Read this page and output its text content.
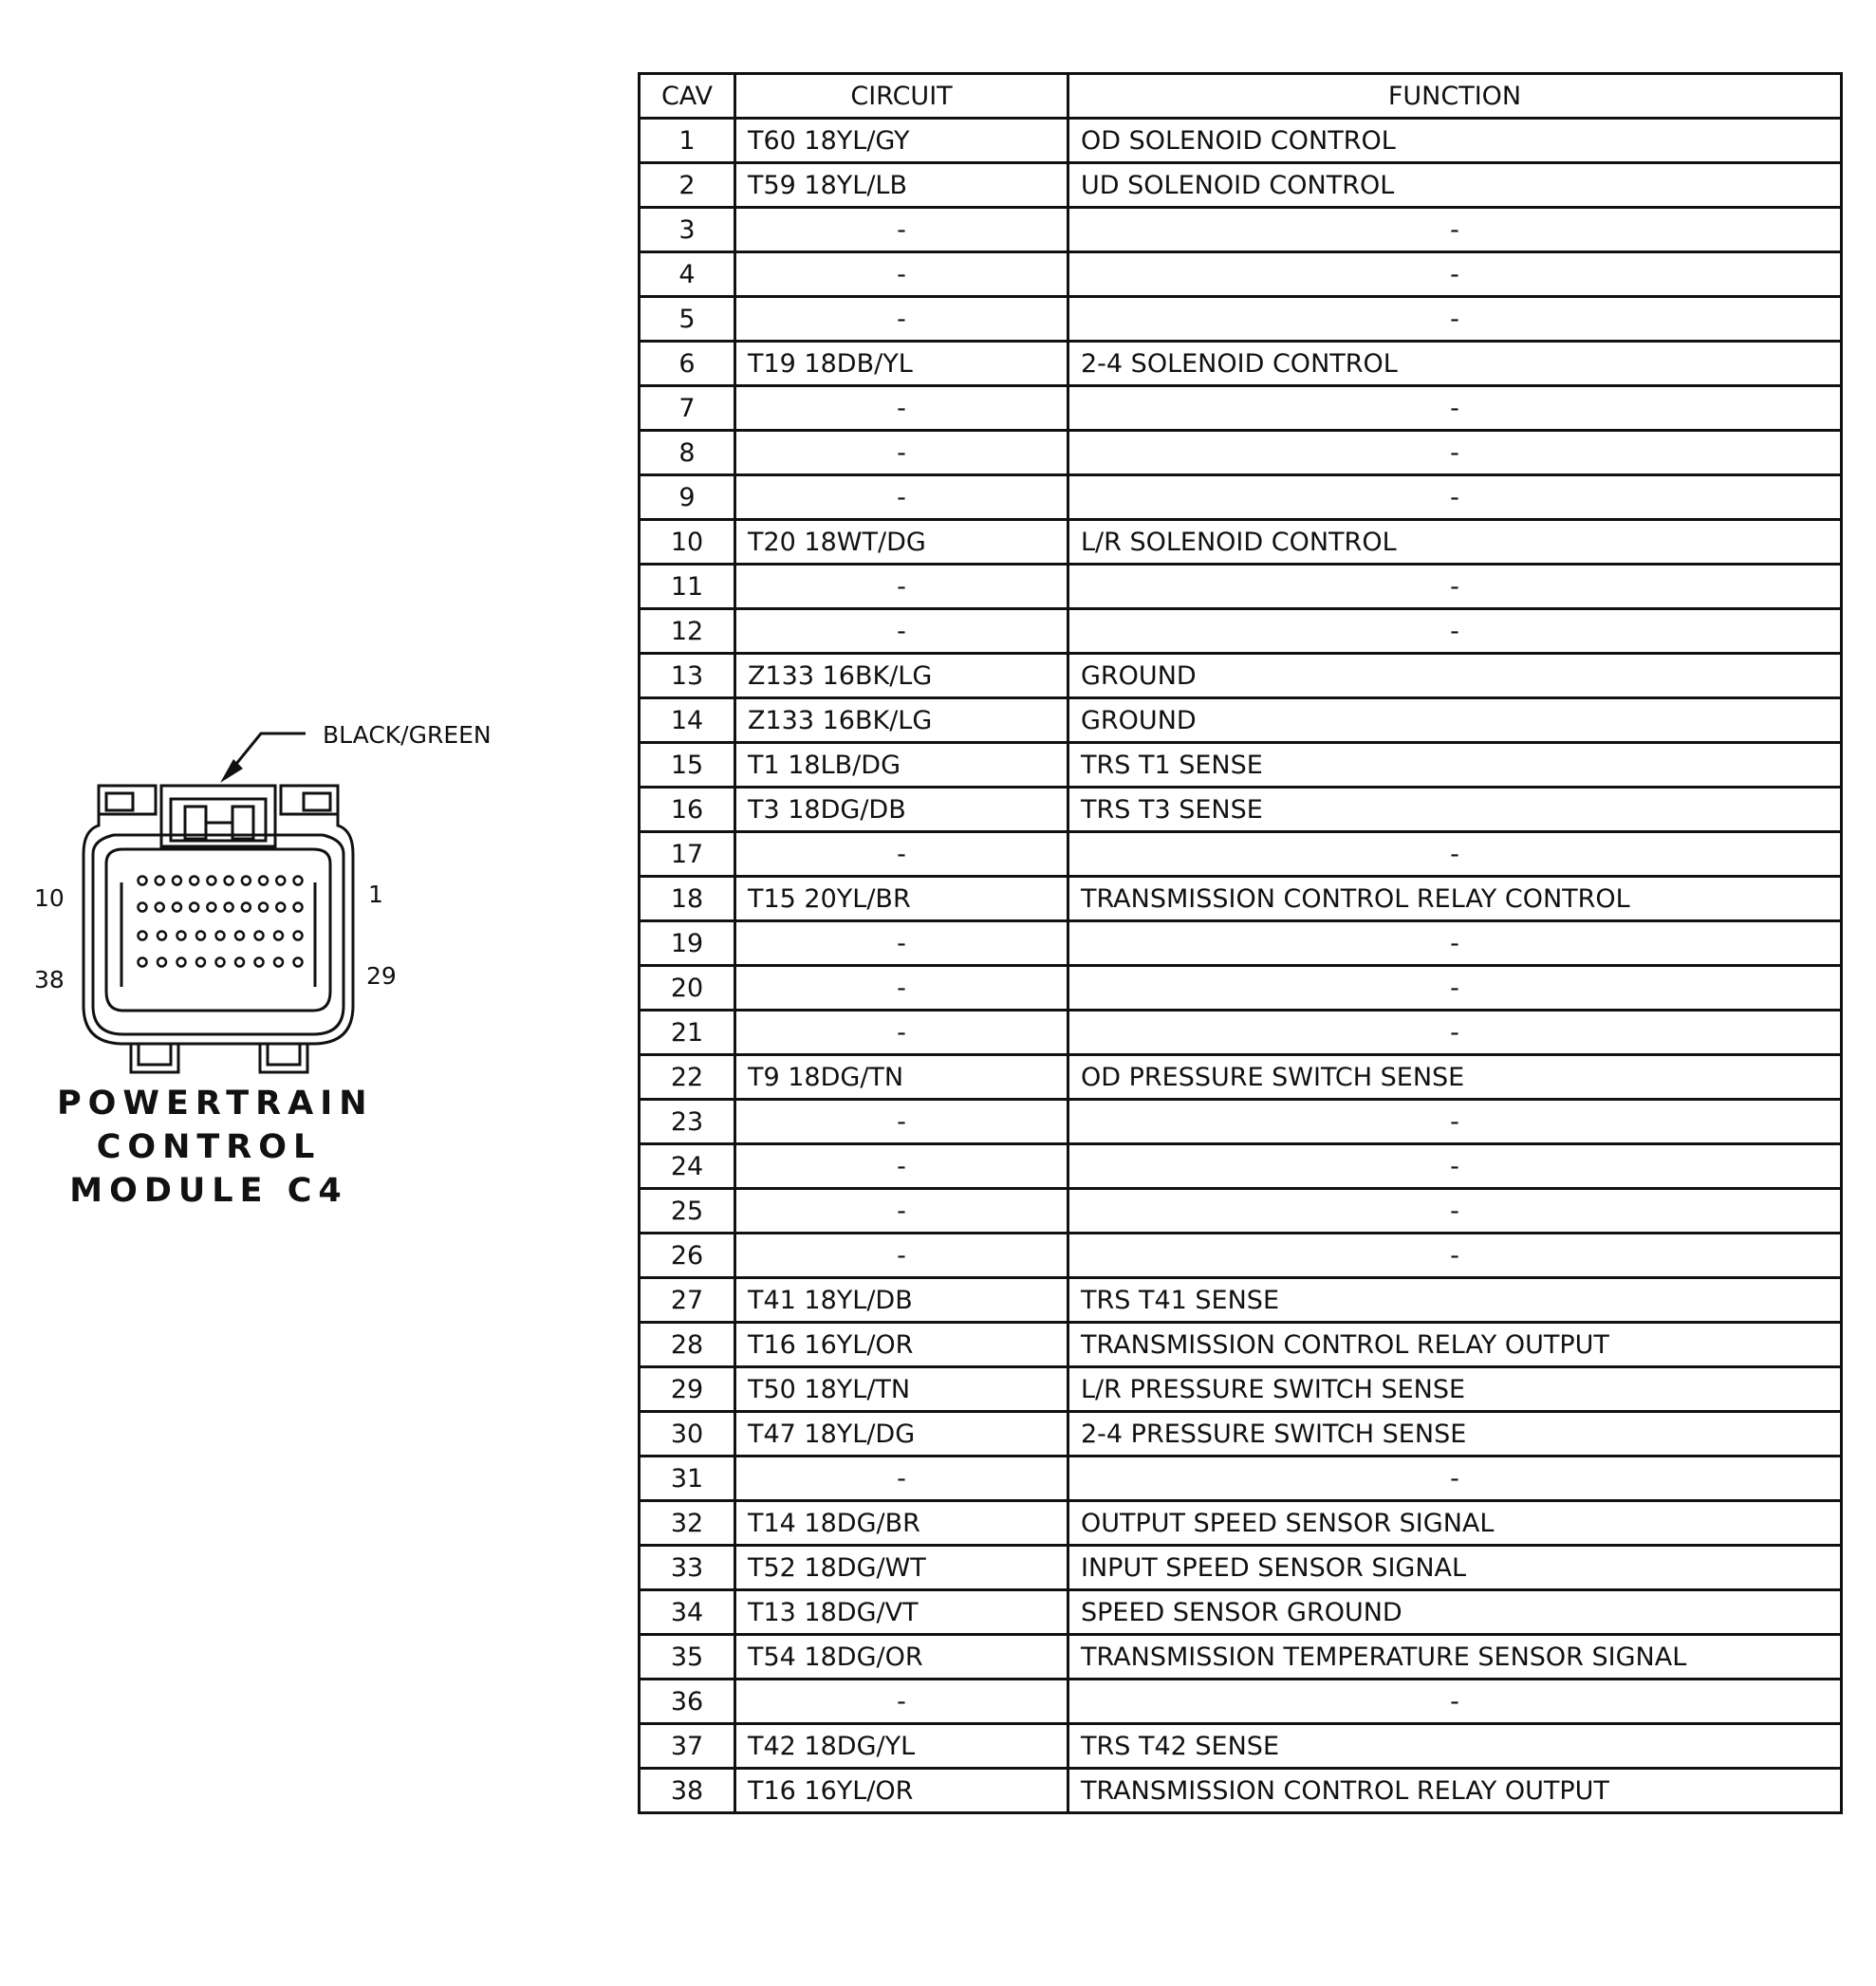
BLACK/GREEN
10	1
38	29
POWERTRAIN
CONTROL
MODULE C4
CAV	CIRCUIT	FUNCTION
1	T60 18YL/GY	OD SOLENOID CONTROL
2	T59 18YL/LB	UD SOLENOID CONTROL
3	-	-
4	-	-
5	-	-
6	T19 18DB/YL	2-4 SOLENOID CONTROL
7	-	-
8	-	-
9	-	-
10	T20 18WT/DG	L/R SOLENOID CONTROL
11	-	-
12	-	-
13	Z133 16BK/LG	GROUND
14	Z133 16BK/LG	GROUND
15	T1 18LB/DG	TRS T1 SENSE
16	T3 18DG/DB	TRS T3 SENSE
17	-	-
18	T15 20YL/BR	TRANSMISSION CONTROL RELAY CONTROL
19	-	-
20	-	-
21	-	-
22	T9 18DG/TN	OD PRESSURE SWITCH SENSE
23	-	-
24	-	-
25	-	-
26	-	-
27	T41 18YL/DB	TRS T41 SENSE
28	T16 16YL/OR	TRANSMISSION CONTROL RELAY OUTPUT
29	T50 18YL/TN	L/R PRESSURE SWITCH SENSE
30	T47 18YL/DG	2-4 PRESSURE SWITCH SENSE
31	-	-
32	T14 18DG/BR	OUTPUT SPEED SENSOR SIGNAL
33	T52 18DG/WT	INPUT SPEED SENSOR SIGNAL
34	T13 18DG/VT	SPEED SENSOR GROUND
35	T54 18DG/OR	TRANSMISSION TEMPERATURE SENSOR SIGNAL
36	-	-
37	T42 18DG/YL	TRS T42 SENSE
38	T16 16YL/OR	TRANSMISSION CONTROL RELAY OUTPUT
